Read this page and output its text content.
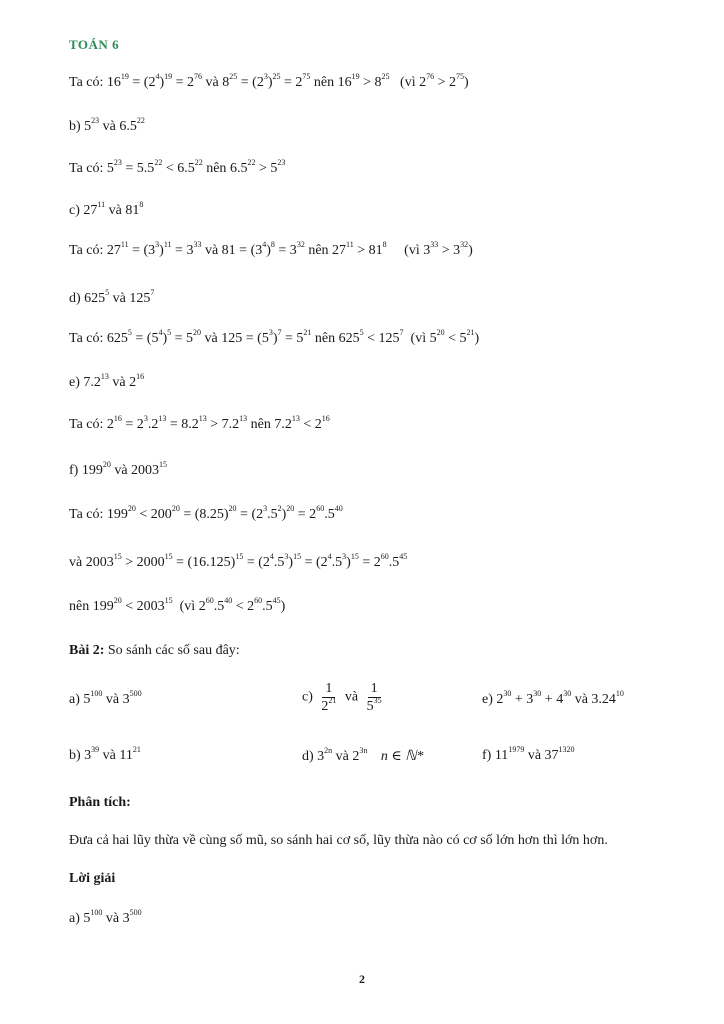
TOÁN 6
Ta có: $16^{19} = (2^4)^{19} = 2^{76}$ và $8^{25} = (2^3)^{25} = 2^{75}$ nên $16^{19} > 8^{25}$   (vì $2^{76} > 2^{75}$)
b) $5^{23}$ và $6.5^{22}$
Ta có: $5^{23} = 5.5^{22} < 6.5^{22}$ nên $6.5^{22} > 5^{23}$
c) $27^{11}$ và $81^8$
Ta có: $27^{11} = (3^3)^{11} = 3^{33}$ và $81 = (3^4)^8 = 3^{32}$ nên $27^{11} > 81^8$     (vì $3^{33} > 3^{32}$)
d) $625^5$ và $125^7$
Ta có: $625^5 = (5^4)^5 = 5^{20}$ và $125 = (5^3)^7 = 5^{21}$ nên $625^5 < 125^7$  (vì $5^{20} < 5^{21}$)
e) $7.2^{13}$ và $2^{16}$
Ta có: $2^{16} = 2^3.2^{13} = 8.2^{13} > 7.2^{13}$ nên $7.2^{13} < 2^{16}$
f) $199^{20}$ và 2003$^{15}$
Ta có: $199^{20} < 200^{20} = (8.25)^{20} = (2^3.5^2)^{20} = 2^{60}.5^{40}$
và $2003^{15} > 2000^{15} = (16.125)^{15} = (2^4.5^3)^{15} = (2^4.5^3)^{15} = 2^{60}.5^{45}$
nên $199^{20} < 2003^{15}$  (vì $2^{60}.5^{40} < 2^{60}.5^{45}$)
Bài 2: So sánh các số sau đây:
a) $5^{100}$ và $3^{500}$	$c) \frac{1}{2^{21}}$ và $\frac{1}{5^{35}}$	e) $2^{30} + 3^{30} + 4^{30}$ và 3.24$^{10}$
b) $3^{39}$ và $11^{21}$	d) $3^{2n}$ và $2^{3n}$ n ∈ ℕ*	f) $11^{1979}$ và $37^{1320}$
Phân tích:
Đưa cả hai lũy thừa về cùng số mũ, so sánh hai cơ số, lũy thừa nào có cơ số lớn hơn thì lớn hơn.
Lời giải
a) $5^{100}$ và $3^{500}$
2
